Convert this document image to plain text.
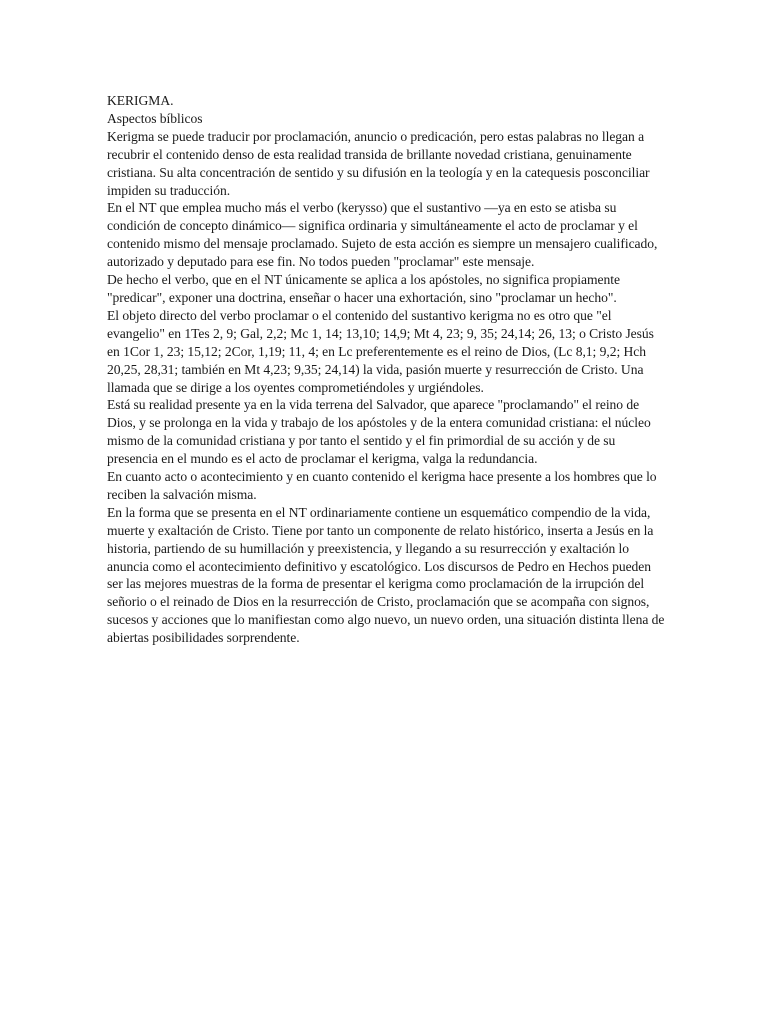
KERIGMA.

Aspectos bíblicos

Kerigma se puede traducir por proclamación, anuncio o predicación, pero estas palabras no llegan a recubrir el contenido denso de esta realidad transida de brillante novedad cristiana, genuinamente cristiana. Su alta concentración de sentido y su difusión en la teología y en la catequesis posconciliar impiden su traducción.

En el NT que emplea mucho más el verbo (kerysso) que el sustantivo —ya en esto se atisba su condición de concepto dinámico— significa ordinaria y simultáneamente el acto de proclamar y el contenido mismo del mensaje proclamado. Sujeto de esta acción es siempre un mensajero cualificado, autorizado y deputado para ese fin. No todos pueden "proclamar" este mensaje.

De hecho el verbo, que en el NT únicamente se aplica a los apóstoles, no significa propiamente "predicar", exponer una doctrina, enseñar o hacer una exhortación, sino "proclamar un hecho".

El objeto directo del verbo proclamar o el contenido del sustantivo kerigma no es otro que "el evangelio" en 1Tes 2, 9; Gal, 2,2; Mc 1, 14; 13,10; 14,9; Mt 4, 23; 9, 35; 24,14; 26, 13; o Cristo Jesús en 1Cor 1, 23; 15,12; 2Cor, 1,19; 11, 4; en Lc preferentemente es el reino de Dios, (Lc 8,1; 9,2; Hch 20,25, 28,31; también en Mt 4,23; 9,35; 24,14) la vida, pasión muerte y resurrección de Cristo. Una llamada que se dirige a los oyentes comprometiéndoles y urgiéndoles.

Está su realidad presente ya en la vida terrena del Salvador, que aparece "proclamando" el reino de Dios, y se prolonga en la vida y trabajo de los apóstoles y de la entera comunidad cristiana: el núcleo mismo de la comunidad cristiana y por tanto el sentido y el fin primordial de su acción y de su presencia en el mundo es el acto de proclamar el kerigma, valga la redundancia.

En cuanto acto o acontecimiento y en cuanto contenido el kerigma hace presente a los hombres que lo reciben la salvación misma.

En la forma que se presenta en el NT ordinariamente contiene un esquemático compendio de la vida, muerte y exaltación de Cristo. Tiene por tanto un componente de relato histórico, inserta a Jesús en la historia, partiendo de su humillación y preexistencia, y llegando a su resurrección y exaltación lo anuncia como el acontecimiento definitivo y escatológico. Los discursos de Pedro en Hechos pueden ser las mejores muestras de la forma de presentar el kerigma como proclamación de la irrupción del señorio o el reinado de Dios en la resurrección de Cristo, proclamación que se acompaña con signos, sucesos y acciones que lo manifiestan como algo nuevo, un nuevo orden, una situación distinta llena de abiertas posibilidades sorprendente.
